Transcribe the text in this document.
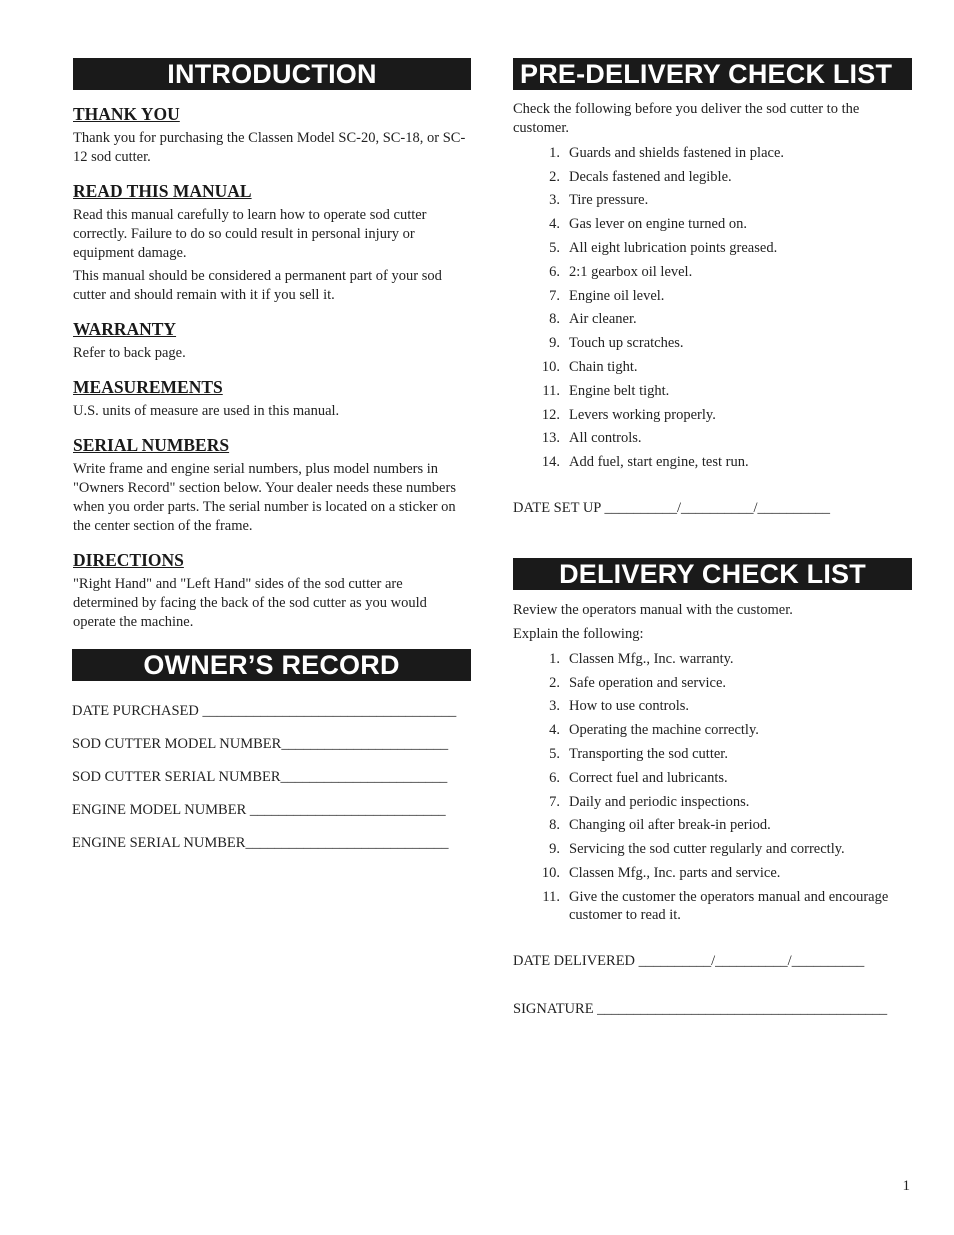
INTRODUCTION

THANK YOU

Thank you for purchasing the Classen Model SC-20, SC-18, or SC-12 sod cutter.

READ THIS MANUAL

Read this manual carefully to learn how to operate sod cutter correctly. Failure to do so could result in personal injury or equipment damage.

This manual should be considered a permanent part of your sod cutter and should remain with it if you sell it.

WARRANTY

Refer to back page.

MEASUREMENTS

U.S. units of measure are used in this manual.

SERIAL NUMBERS

Write frame and engine serial numbers, plus model numbers in "Owners Record" section below. Your dealer needs these numbers when you order parts. The serial number is located on a sticker on the center section of the frame.

DIRECTIONS

"Right Hand" and "Left Hand" sides of the sod cutter are determined by facing the back of the sod cutter as you would operate the machine.

OWNER’S RECORD
DATE PURCHASED ___________________________________
SOD CUTTER MODEL NUMBER_______________________
SOD CUTTER SERIAL NUMBER_______________________
ENGINE MODEL NUMBER ___________________________
ENGINE SERIAL NUMBER____________________________
PRE-DELIVERY CHECK LIST

Check the following before you deliver the sod cutter to the customer.

1. Guards and shields fastened in place.
2. Decals fastened and legible.
3. Tire pressure.
4. Gas lever on engine turned on.
5. All eight lubrication points greased.
6. 2:1 gearbox oil level.
7. Engine oil level.
8. Air cleaner.
9. Touch up scratches.
10. Chain tight.
11. Engine belt tight.
12. Levers working properly.
13. All controls.
14. Add fuel, start engine, test run.
DATE SET UP __________/__________/__________
DELIVERY CHECK LIST

Review the operators manual with the customer.

Explain the following:

1. Classen Mfg., Inc. warranty.
2. Safe operation and service.
3. How to use controls.
4. Operating the machine correctly.
5. Transporting the sod cutter.
6. Correct fuel and lubricants.
7. Daily and periodic inspections.
8. Changing oil after break-in period.
9. Servicing the sod cutter regularly and correctly.
10. Classen Mfg., Inc. parts and service.
11. Give the customer the operators manual and encourage customer to read it.
DATE DELIVERED __________/__________/__________
SIGNATURE ________________________________________
1
